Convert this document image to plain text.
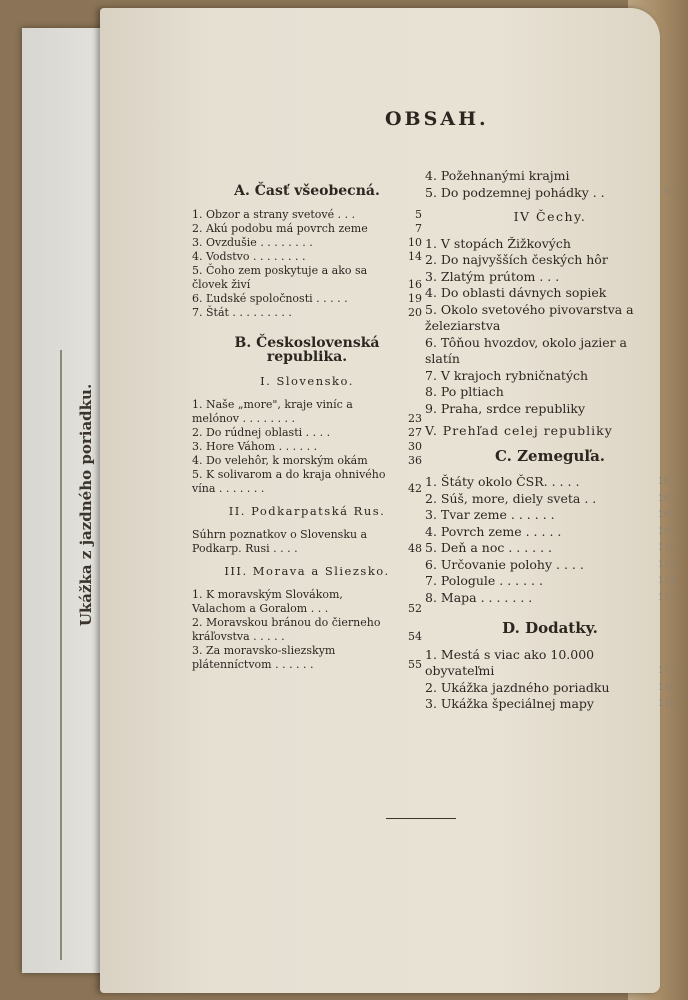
Ukážka z jazdného poriadku.
OBSAH.
A. Časť všeobecná.
1. Obzor a strany svetové . . .	5
2. Akú podobu má povrch zeme	7
3. Ovzdušie . . . . . . . .	10
4. Vodstvo . . . . . . . .	14
5. Čoho zem poskytuje a ako sa človek živí	16
6. Ľudské spoločnosti . . . . .	19
7. Štát . . . . . . . . .	20
B. Československá republika.
I. Slovensko.
1. Naše „more", kraje viníc a melónov . . . . . . . .	23
2. Do rúdnej oblasti . . . .	27
3. Hore Váhom . . . . . .	30
4. Do velehôr, k morským okám	36
5. K solivarom a do kraja ohnivého vína . . . . . . .	42
II. Podkarpatská Rus.
Súhrn poznatkov o Slovensku a Podkarp. Rusi . . . .	48
III. Morava a Sliezsko.
1. K moravským Slovákom, Valachom a Goralom . . .	52
2. Moravskou bránou do čierneho kráľovstva . . . . .	54
3. Za moravsko-sliezskym plátenníctvom . . . . . .	55
4. Požehnanými krajmi
5. Do podzemnej pohádky . .	57
IV Čechy.
1. V stopách Žižkových
2. Do najvyšších českých hôr
3. Zlatým prútom . . .
4. Do oblasti dávnych sopiek
5. Okolo svetového pivovarstva a železiarstva
6. Tôňou hvozdov, okolo jazier a slatín
7. V krajoch rybničnatých
8. Po pltiach
9. Praha, srdce republiky
V. Prehľad celej republiky
C. Zemeguľa.
1. Štáty okolo ČSR. . . . .	103
2. Súš, more, diely sveta . .	107
3. Tvar zeme . . . . . .	108
4. Povrch zeme . . . . .	109
5. Deň a noc . . . . . .	110
6. Určovanie polohy . . . .	112
7. Pologule . . . . . .	114
8. Mapa . . . . . . .	115
D. Dodatky.
1. Mestá s viac ako 10.000 obyvateľmi	117
2. Ukážka jazdného poriadku	118
3. Ukážka špeciálnej mapy	119
